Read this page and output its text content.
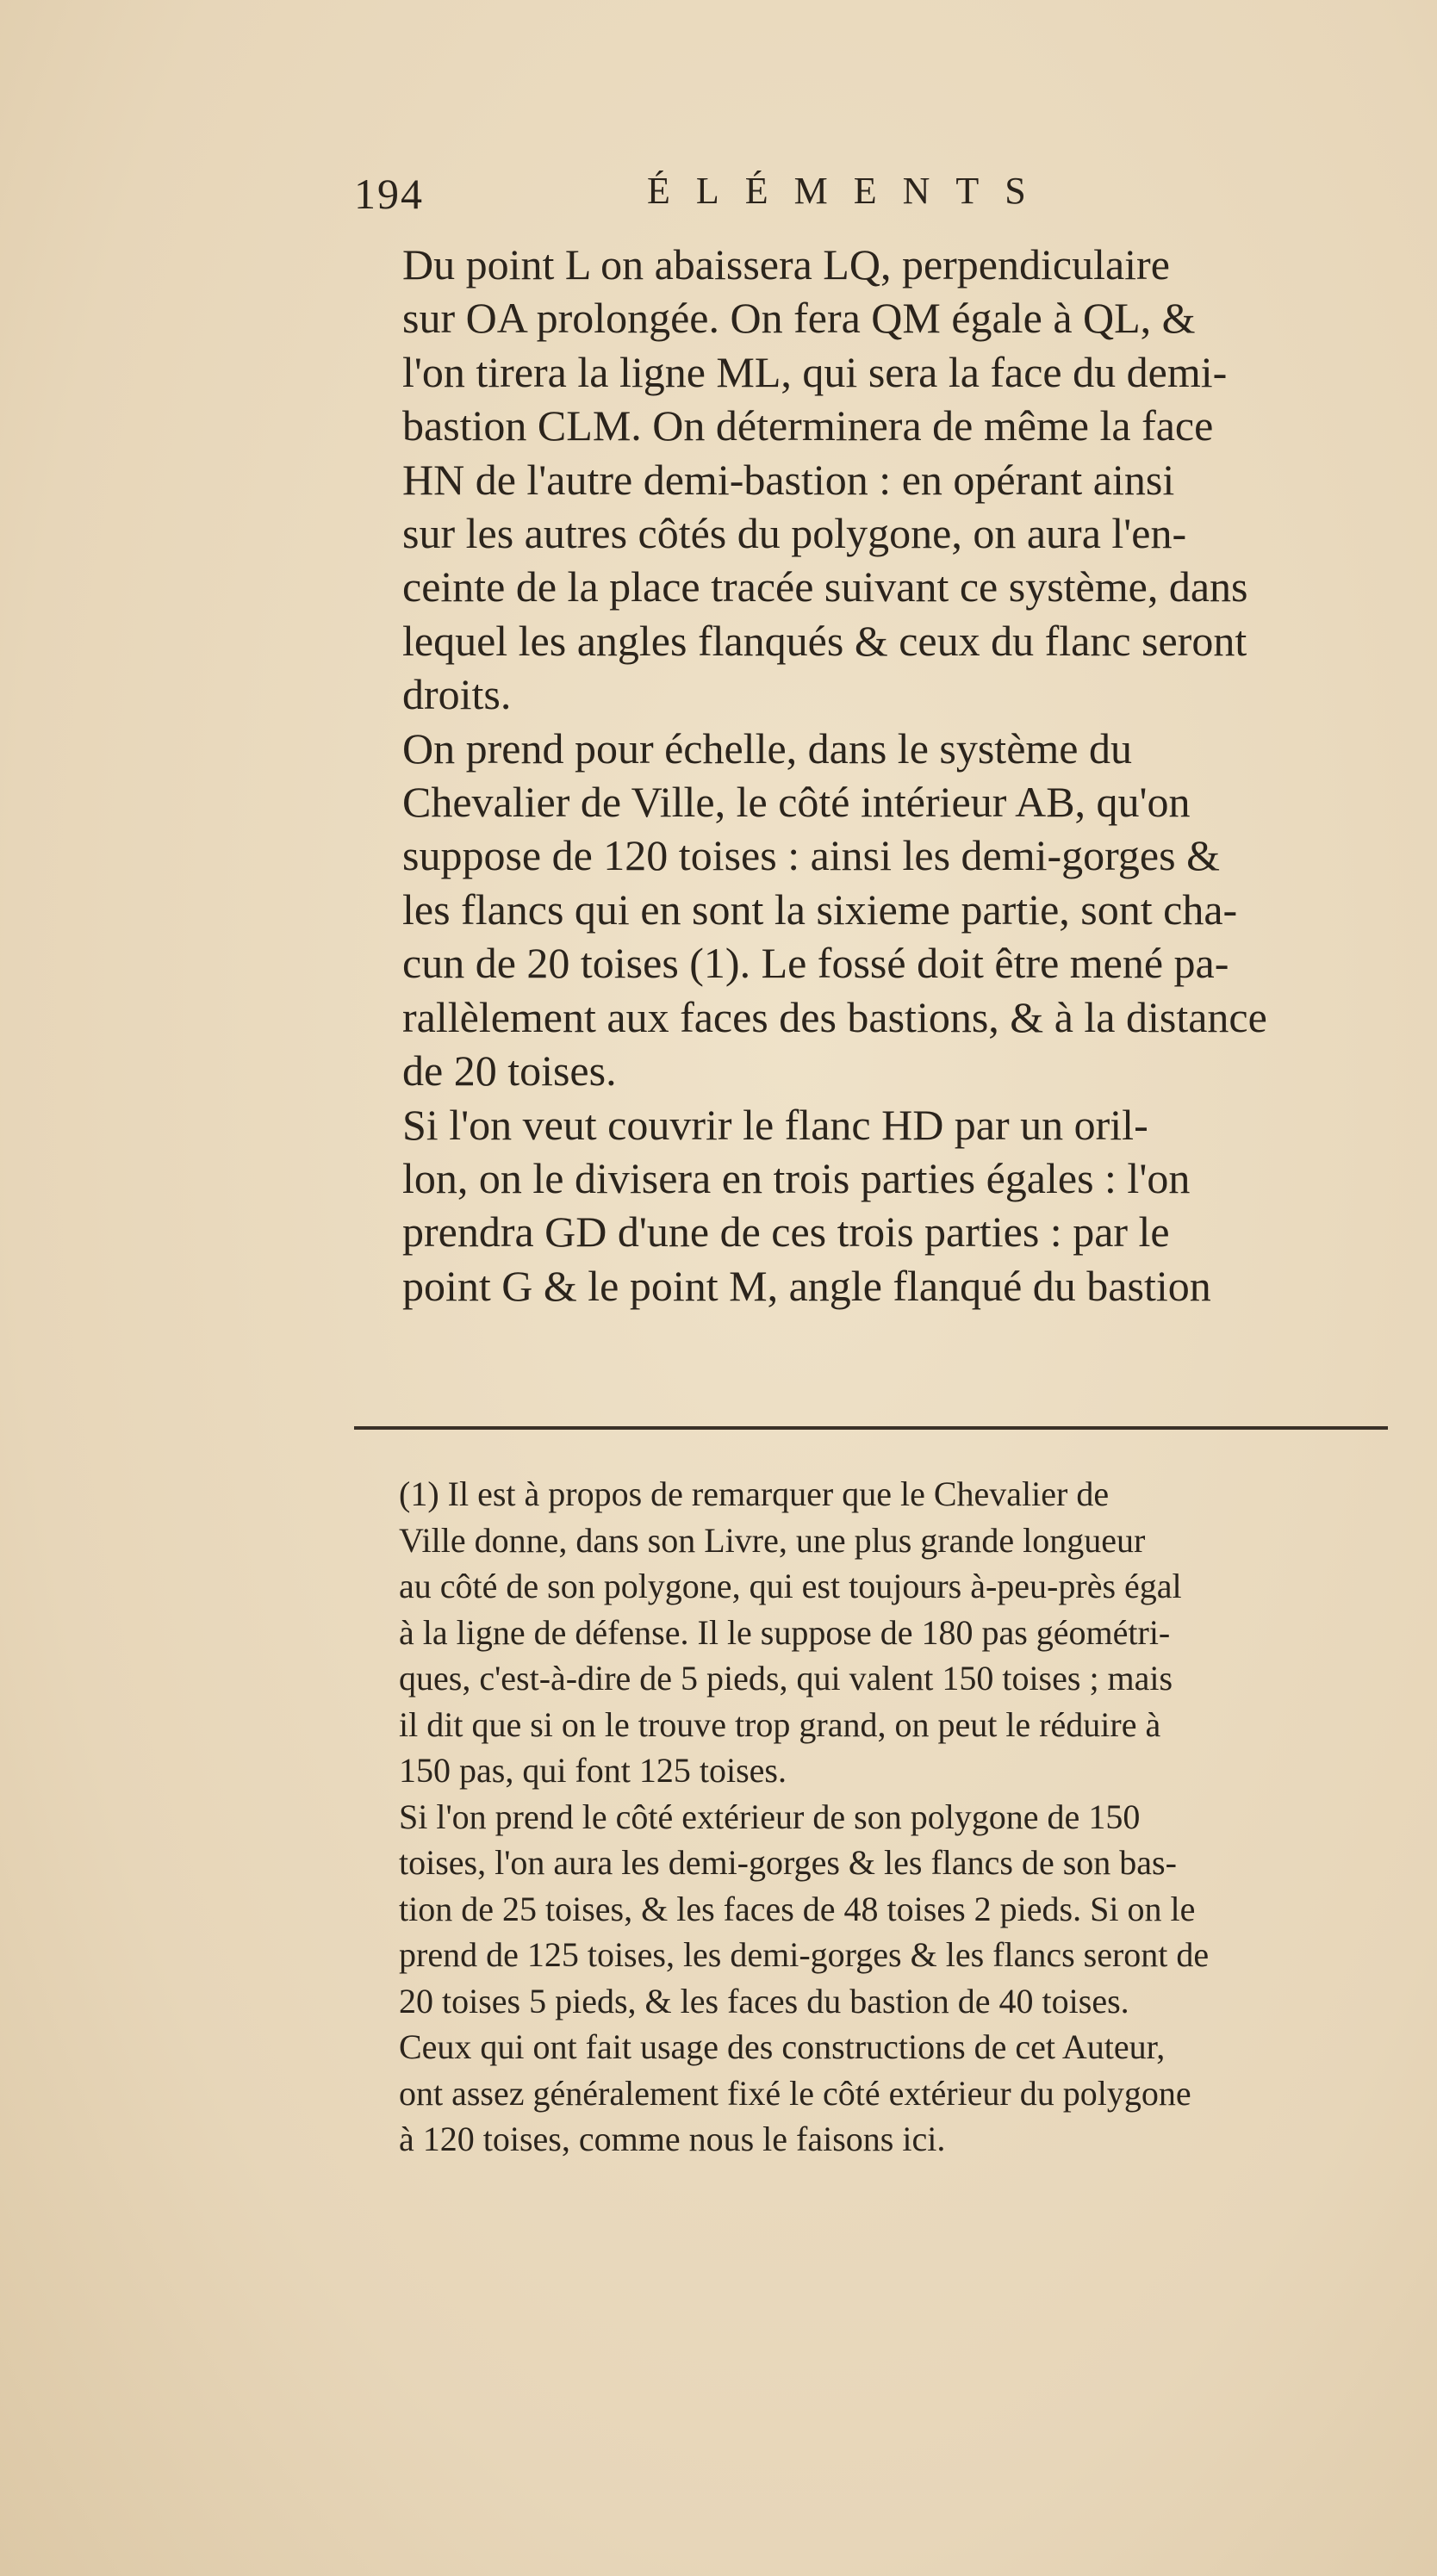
194	ÉLÉMENTS

Du point L on abaissera LQ, perpendiculaire
sur OA prolongée. On fera QM égale à QL, &
l'on tirera la ligne ML, qui sera la face du demi-
bastion CLM. On déterminera de même la face
HN de l'autre demi-bastion : en opérant ainsi
sur les autres côtés du polygone, on aura l'en-
ceinte de la place tracée suivant ce système, dans
lequel les angles flanqués & ceux du flanc seront
droits.

On prend pour échelle, dans le système du
Chevalier de Ville, le côté intérieur AB, qu'on
suppose de 120 toises : ainsi les demi-gorges &
les flancs qui en sont la sixieme partie, sont cha-
cun de 20 toises (1). Le fossé doit être mené pa-
rallèlement aux faces des bastions, & à la distance
de 20 toises.

Si l'on veut couvrir le flanc HD par un oril-
lon, on le divisera en trois parties égales : l'on
prendra GD d'une de ces trois parties : par le
point G & le point M, angle flanqué du bastion

(1) Il est à propos de remarquer que le Chevalier de
Ville donne, dans son Livre, une plus grande longueur
au côté de son polygone, qui est toujours à-peu-près égal
à la ligne de défense. Il le suppose de 180 pas géométri-
ques, c'est-à-dire de 5 pieds, qui valent 150 toises ; mais
il dit que si on le trouve trop grand, on peut le réduire à
150 pas, qui font 125 toises.

Si l'on prend le côté extérieur de son polygone de 150
toises, l'on aura les demi-gorges & les flancs de son bas-
tion de 25 toises, & les faces de 48 toises 2 pieds. Si on le
prend de 125 toises, les demi-gorges & les flancs seront de
20 toises 5 pieds, & les faces du bastion de 40 toises.

Ceux qui ont fait usage des constructions de cet Auteur,
ont assez généralement fixé le côté extérieur du polygone
à 120 toises, comme nous le faisons ici.
